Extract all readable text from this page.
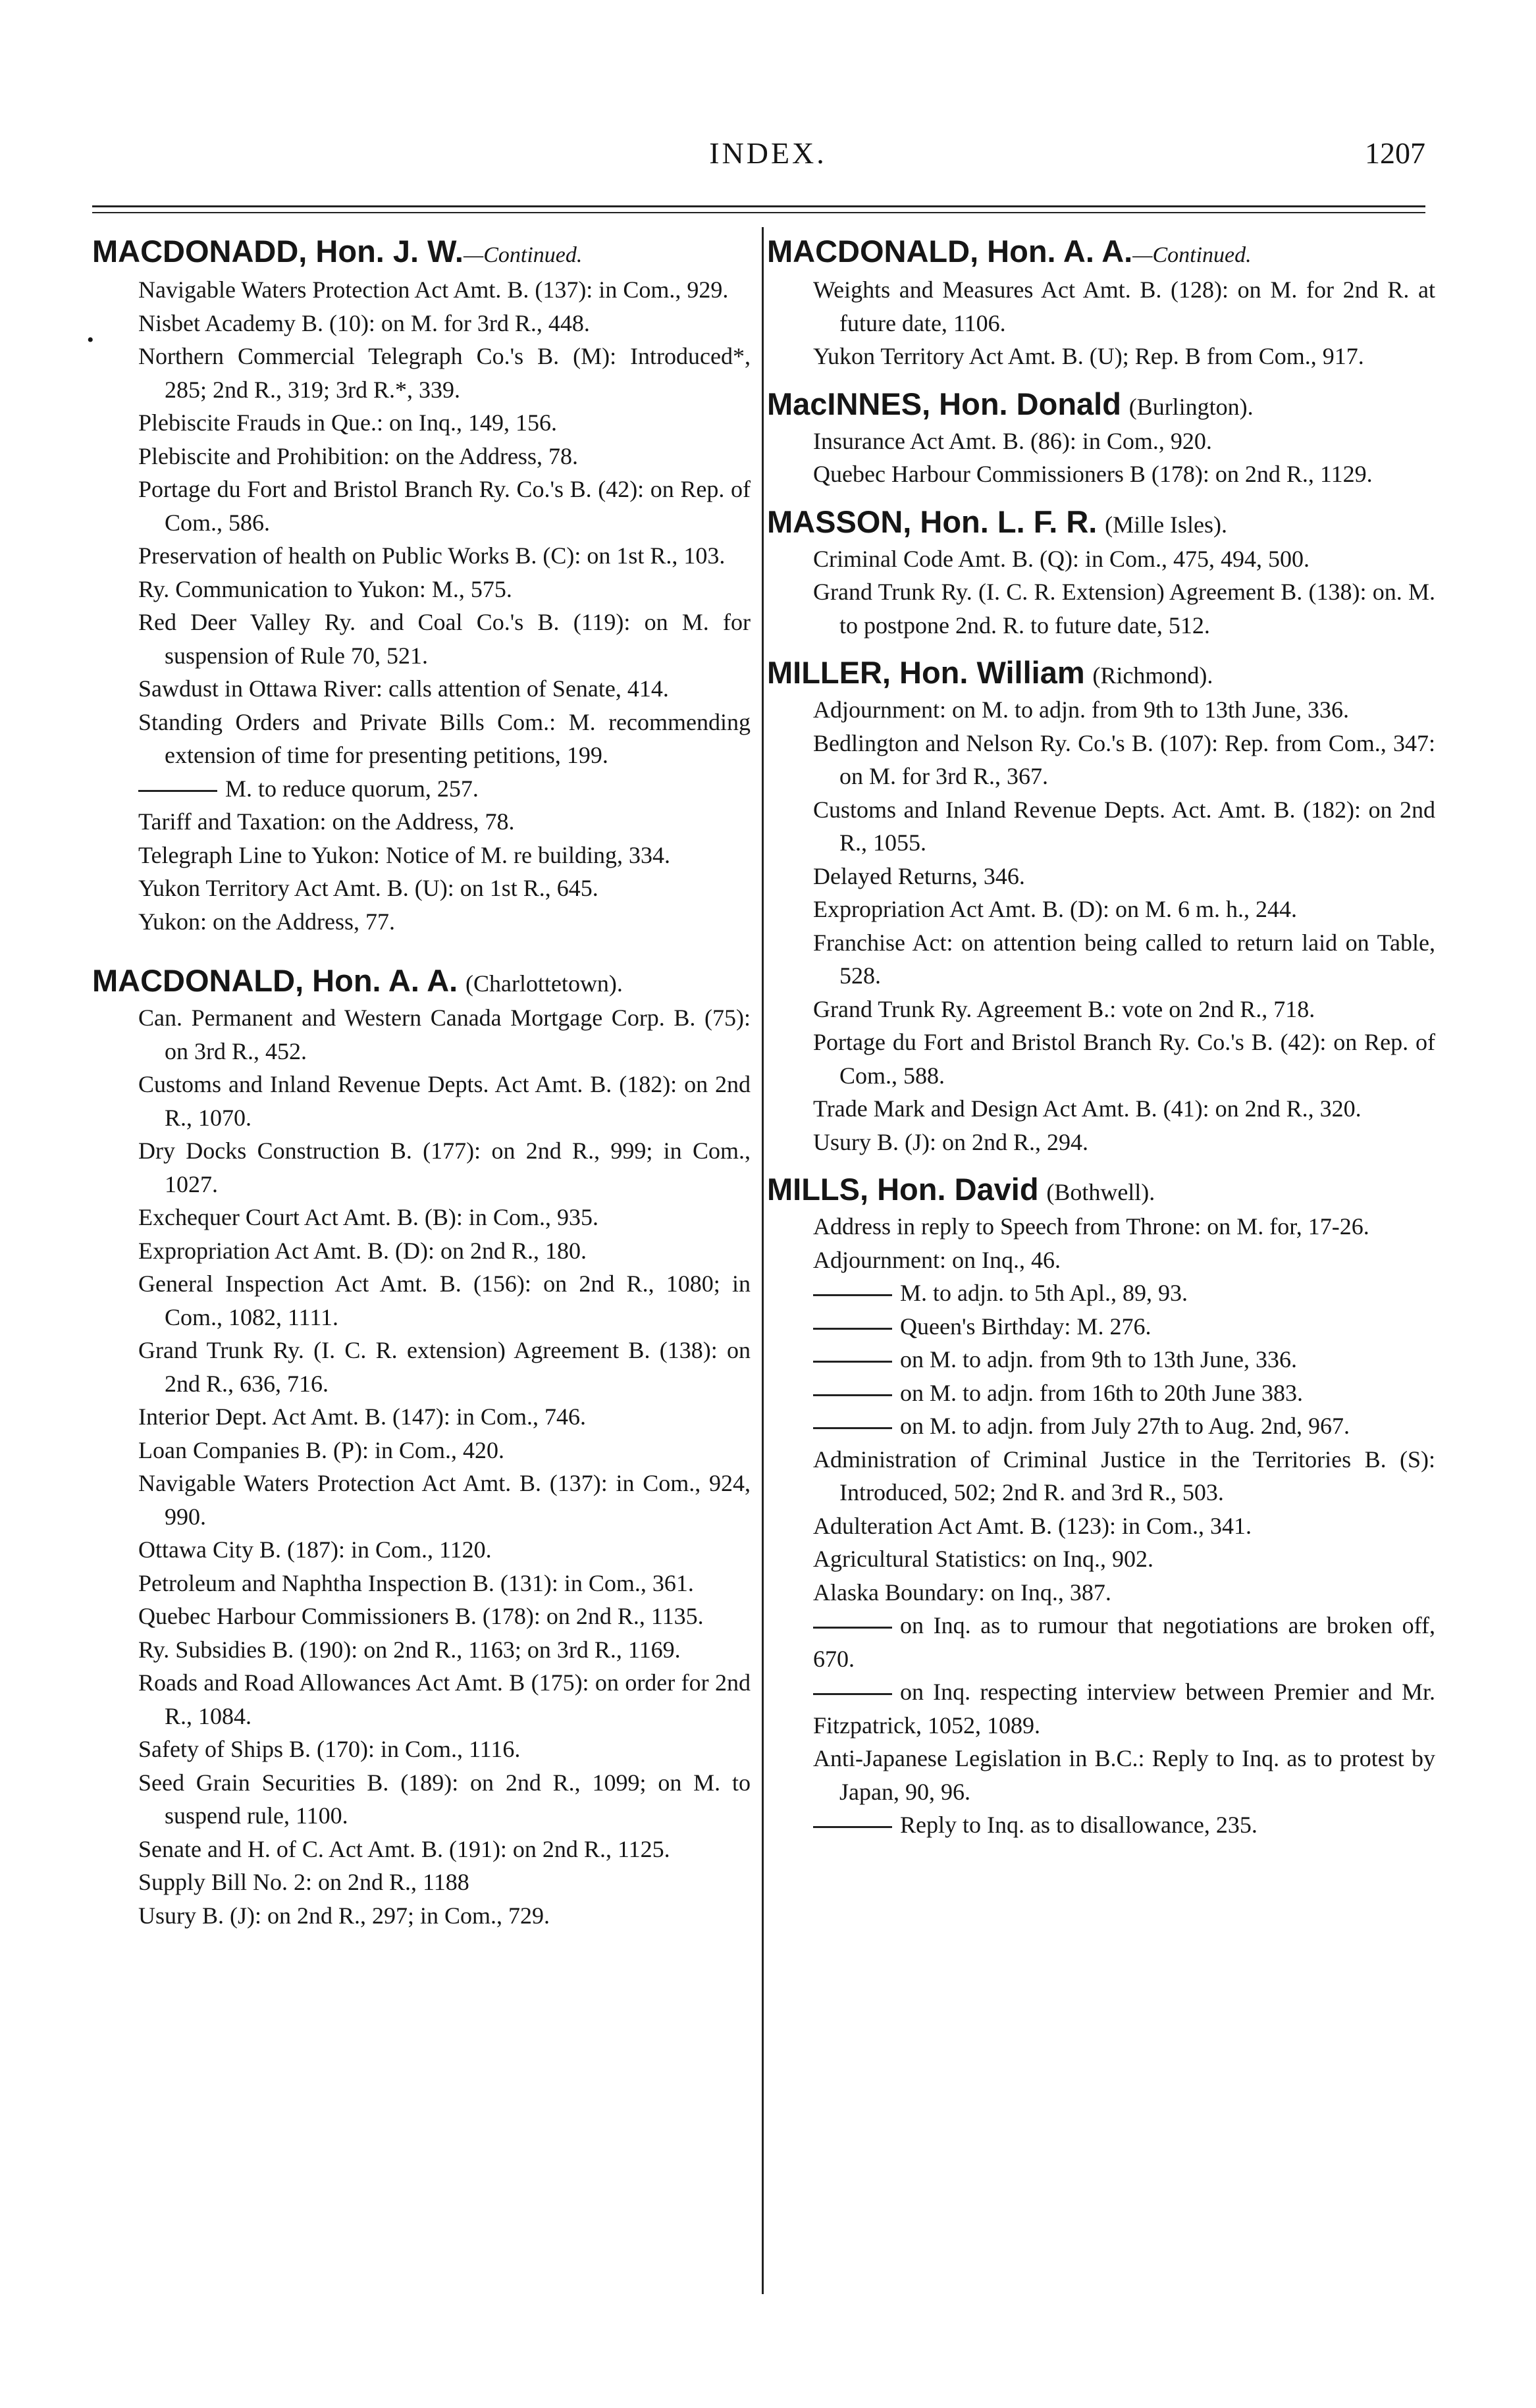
INDEX.	1207
•

MACDONADD, Hon. J. W.—Continued.

Navigable Waters Protection Act Amt. B. (137): in Com., 929.

Nisbet Academy B. (10): on M. for 3rd R., 448.

Northern Commercial Telegraph Co.'s B. (M): Introduced*, 285; 2nd R., 319; 3rd R.*, 339.

Plebiscite Frauds in Que.: on Inq., 149, 156.

Plebiscite and Prohibition: on the Address, 78.

Portage du Fort and Bristol Branch Ry. Co.'s B. (42): on Rep. of Com., 586.

Preservation of health on Public Works B. (C): on 1st R., 103.

Ry. Communication to Yukon: M., 575.

Red Deer Valley Ry. and Coal Co.'s B. (119): on M. for suspension of Rule 70, 521.

Sawdust in Ottawa River: calls attention of Senate, 414.

Standing Orders and Private Bills Com.: M. recommending extension of time for presenting petitions, 199.

M. to reduce quorum, 257.

Tariff and Taxation: on the Address, 78.

Telegraph Line to Yukon: Notice of M. re building, 334.

Yukon Territory Act Amt. B. (U): on 1st R., 645.

Yukon: on the Address, 77.

MACDONALD, Hon. A. A. (Charlottetown).

Can. Permanent and Western Canada Mortgage Corp. B. (75): on 3rd R., 452.

Customs and Inland Revenue Depts. Act Amt. B. (182): on 2nd R., 1070.

Dry Docks Construction B. (177): on 2nd R., 999; in Com., 1027.

Exchequer Court Act Amt. B. (B): in Com., 935.

Expropriation Act Amt. B. (D): on 2nd R., 180.

General Inspection Act Amt. B. (156): on 2nd R., 1080; in Com., 1082, 1111.

Grand Trunk Ry. (I. C. R. extension) Agreement B. (138): on 2nd R., 636, 716.

Interior Dept. Act Amt. B. (147): in Com., 746.

Loan Companies B. (P): in Com., 420.

Navigable Waters Protection Act Amt. B. (137): in Com., 924, 990.

Ottawa City B. (187): in Com., 1120.

Petroleum and Naphtha Inspection B. (131): in Com., 361.

Quebec Harbour Commissioners B. (178): on 2nd R., 1135.

Ry. Subsidies B. (190): on 2nd R., 1163; on 3rd R., 1169.

Roads and Road Allowances Act Amt. B (175): on order for 2nd R., 1084.

Safety of Ships B. (170): in Com., 1116.

Seed Grain Securities B. (189): on 2nd R., 1099; on M. to suspend rule, 1100.

Senate and H. of C. Act Amt. B. (191): on 2nd R., 1125.

Supply Bill No. 2: on 2nd R., 1188

Usury B. (J): on 2nd R., 297; in Com., 729.

MACDONALD, Hon. A. A.—Continued.

Weights and Measures Act Amt. B. (128): on M. for 2nd R. at future date, 1106.

Yukon Territory Act Amt. B. (U); Rep. B from Com., 917.

MacINNES, Hon. Donald (Burlington).

Insurance Act Amt. B. (86): in Com., 920.

Quebec Harbour Commissioners B (178): on 2nd R., 1129.

MASSON, Hon. L. F. R. (Mille Isles).

Criminal Code Amt. B. (Q): in Com., 475, 494, 500.

Grand Trunk Ry. (I. C. R. Extension) Agreement B. (138): on. M. to postpone 2nd. R. to future date, 512.

MILLER, Hon. William (Richmond).

Adjournment: on M. to adjn. from 9th to 13th June, 336.

Bedlington and Nelson Ry. Co.'s B. (107): Rep. from Com., 347: on M. for 3rd R., 367.

Customs and Inland Revenue Depts. Act. Amt. B. (182): on 2nd R., 1055.

Delayed Returns, 346.

Expropriation Act Amt. B. (D): on M. 6 m. h., 244.

Franchise Act: on attention being called to return laid on Table, 528.

Grand Trunk Ry. Agreement B.: vote on 2nd R., 718.

Portage du Fort and Bristol Branch Ry. Co.'s B. (42): on Rep. of Com., 588.

Trade Mark and Design Act Amt. B. (41): on 2nd R., 320.

Usury B. (J): on 2nd R., 294.

MILLS, Hon. David (Bothwell).

Address in reply to Speech from Throne: on M. for, 17-26.

Adjournment: on Inq., 46.

M. to adjn. to 5th Apl., 89, 93.

Queen's Birthday: M. 276.

on M. to adjn. from 9th to 13th June, 336.

on M. to adjn. from 16th to 20th June 383.

on M. to adjn. from July 27th to Aug. 2nd, 967.

Administration of Criminal Justice in the Territories B. (S): Introduced, 502; 2nd R. and 3rd R., 503.

Adulteration Act Amt. B. (123): in Com., 341.

Agricultural Statistics: on Inq., 902.

Alaska Boundary: on Inq., 387.

on Inq. as to rumour that negotiations are broken off, 670.

on Inq. respecting interview between Premier and Mr. Fitzpatrick, 1052, 1089.

Anti-Japanese Legislation in B.C.: Reply to Inq. as to protest by Japan, 90, 96.

Reply to Inq. as to disallowance, 235.
